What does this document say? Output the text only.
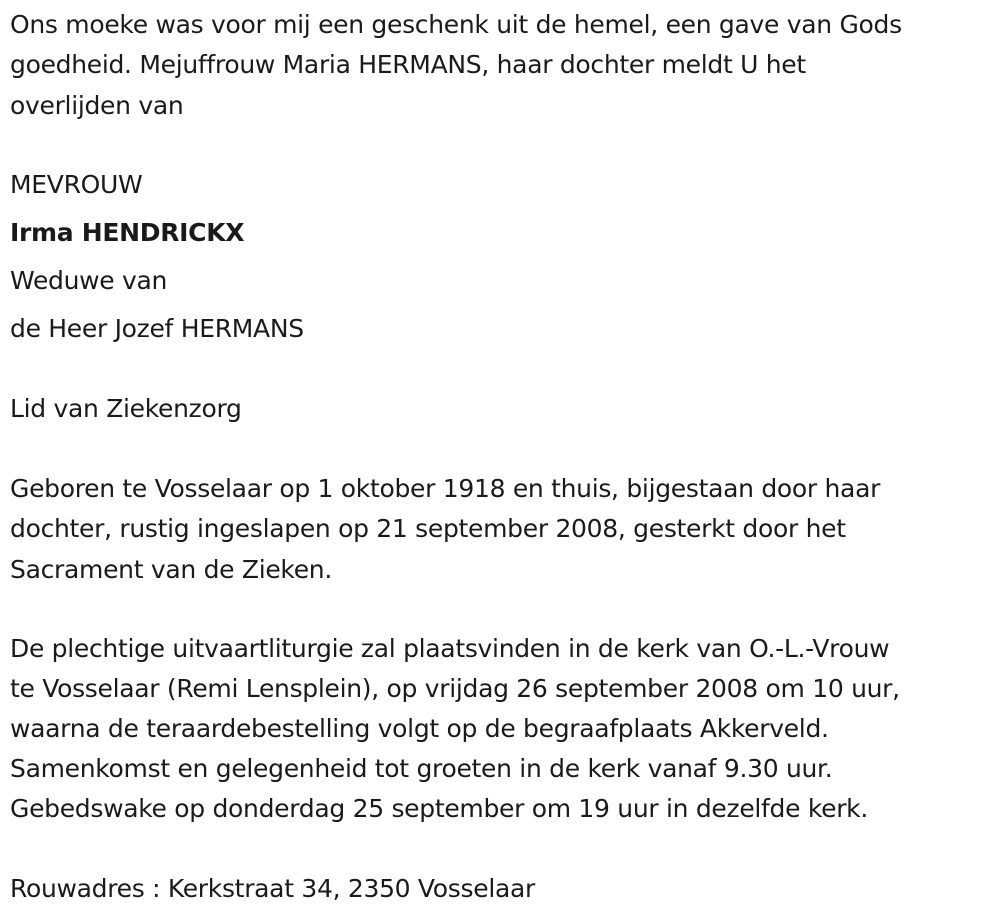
Ons moeke was voor mij een geschenk uit de hemel, een gave van Gods
goedheid. Mejuffrouw Maria HERMANS, haar dochter meldt U het
overlijden van
MEVROUW
Irma HENDRICKX
Weduwe van
de Heer Jozef HERMANS
Lid van Ziekenzorg
Geboren te Vosselaar op 1 oktober 1918 en thuis, bijgestaan door haar
dochter, rustig ingeslapen op 21 september 2008, gesterkt door het
Sacrament van de Zieken.
De plechtige uitvaartliturgie zal plaatsvinden in de kerk van O.-L.-Vrouw
te Vosselaar (Remi Lensplein), op vrijdag 26 september 2008 om 10 uur,
waarna de teraardebestelling volgt op de begraafplaats Akkerveld.
Samenkomst en gelegenheid tot groeten in de kerk vanaf 9.30 uur.
Gebedswake op donderdag 25 september om 19 uur in dezelfde kerk.
Rouwadres : Kerkstraat 34, 2350 Vosselaar
